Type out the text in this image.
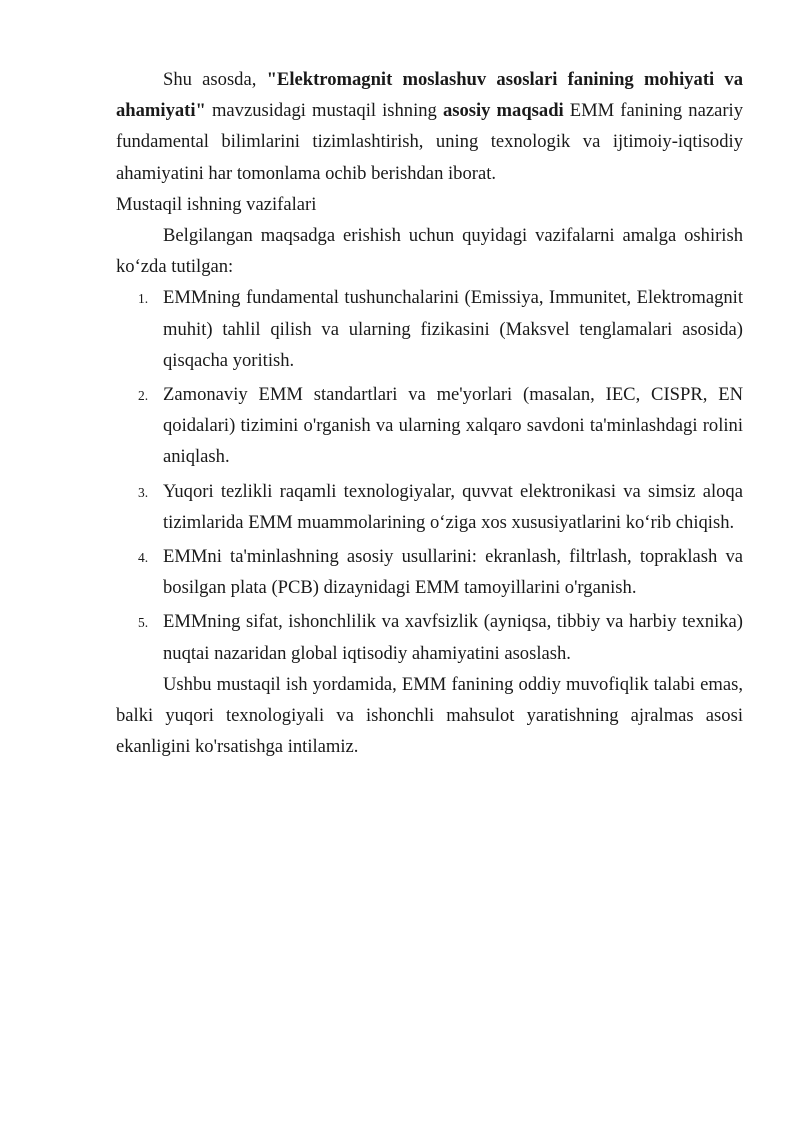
Shu asosda, "Elektromagnit moslashuv asoslari fanining mohiyati va ahamiyati" mavzusidagi mustaqil ishning asosiy maqsadi EMM fanining nazariy fundamental bilimlarini tizimlashtirish, uning texnologik va ijtimoiy-iqtisodiy ahamiyatini har tomonlama ochib berishdan iborat.

Mustaqil ishning vazifalari

Belgilangan maqsadga erishish uchun quyidagi vazifalarni amalga oshirish ko‘zda tutilgan:

1. EMMning fundamental tushunchalarini (Emissiya, Immunitet, Elektromagnit muhit) tahlil qilish va ularning fizikasini (Maksvel tenglamalari asosida) qisqacha yoritish.
2. Zamonaviy EMM standartlari va me'yorlari (masalan, IEC, CISPR, EN qoidalari) tizimini o'rganish va ularning xalqaro savdoni ta'minlashdagi rolini aniqlash.
3. Yuqori tezlikli raqamli texnologiyalar, quvvat elektronikasi va simsiz aloqa tizimlarida EMM muammolarining o‘ziga xos xususiyatlarini ko‘rib chiqish.
4. EMMni ta'minlashning asosiy usullarini: ekranlash, filtrlash, topraklash va bosilgan plata (PCB) dizaynidagi EMM tamoyillarini o'rganish.
5. EMMning sifat, ishonchlilik va xavfsizlik (ayniqsa, tibbiy va harbiy texnika) nuqtai nazaridan global iqtisodiy ahamiyatini asoslash.

Ushbu mustaqil ish yordamida, EMM fanining oddiy muvofiqlik talabi emas, balki yuqori texnologiyali va ishonchli mahsulot yaratishning ajralmas asosi ekanligini ko'rsatishga intilamiz.
